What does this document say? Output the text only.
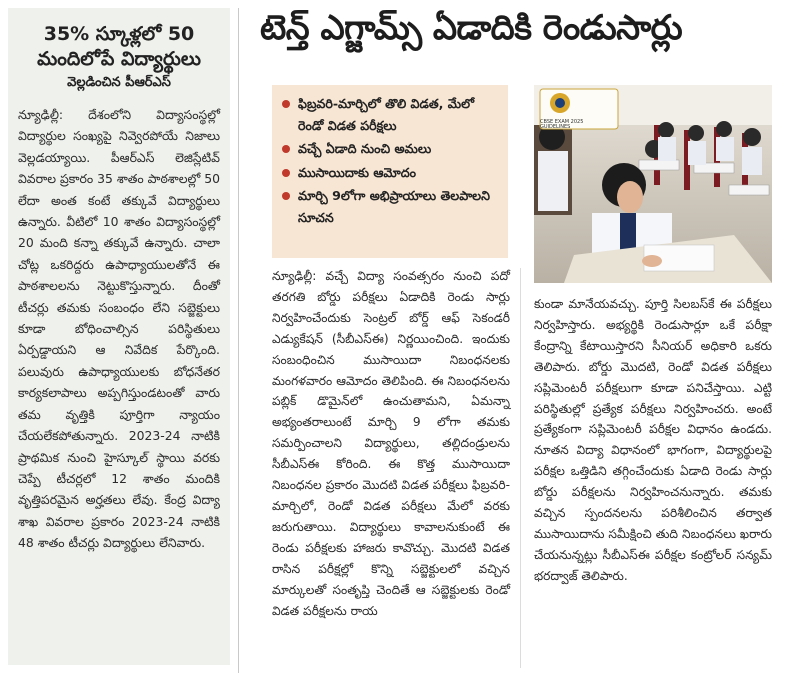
35% స్కూళ్లలో 50 మందిలోపే విద్యార్థులు
వెల్లడించిన పీఆర్ఎస్

న్యూఢిల్లీ: దేశంలోని విద్యాసంస్థల్లో విద్యార్థుల సంఖ్యపై నివ్వెరపోయే నిజాలు వెల్లడయ్యాయి. పీఆర్ఎస్ లెజిస్లేటివ్ వివరాల ప్రకారం 35 శాతం పాఠశాలల్లో 50 లేదా అంత కంటే తక్కువే విద్యార్థులు ఉన్నారు. వీటిలో 10 శాతం విద్యాసంస్థల్లో 20 మంది కన్నా తక్కువే ఉన్నారు. చాలా చోట్ల ఒకరిద్దరు ఉపాధ్యాయులతోనే ఈ పాఠశాలలను నెట్టుకొస్తున్నారు. దీంతో టీచర్లు తమకు సంబంధం లేని సబ్జెక్టులు కూడా బోధించాల్సిన పరిస్థితులు ఏర్పడ్డాయని ఆ నివేదిక పేర్కొంది. పలువురు ఉపాధ్యాయులకు బోధనేతర కార్యకలాపాలు అప్పగిస్తుండటంతో వారు తమ వృత్తికి పూర్తిగా న్యాయం చేయలేకపోతున్నారు. 2023-24 నాటికి ప్రాథమిక నుంచి హైస్కూల్ స్థాయి వరకు చెప్పే టీచర్లలో 12 శాతం మందికి వృత్తిపరమైన అర్హతలు లేవు. కేంద్ర విద్యా శాఖ వివరాల ప్రకారం 2023-24 నాటికి 48 శాతం టీచర్లు విద్యార్థులు లేనివారు.

టెన్త్ ఎగ్జామ్స్ ఏడాదికి రెండుసార్లు
ఫిబ్రవరి-మార్చిలో తొలి విడత, మేలో రెండో విడత పరీక్షలు
వచ్చే ఏడాది నుంచి అమలు
ముసాయిదాకు ఆమోదం
మార్చి 9లోగా అభిప్రాయాలు తెలపాలని సూచన
CBSE EXAM 2025
GUIDELINES

న్యూఢిల్లీ: వచ్చే విద్యా సంవత్సరం నుంచి పదో తరగతి బోర్డు పరీక్షలు ఏడాదికి రెండు సార్లు నిర్వహించేందుకు సెంట్రల్ బోర్డ్ ఆఫ్ సెకండరీ ఎడ్యుకేషన్ (సీబీఎస్ఈ) నిర్ణయించింది. ఇందుకు సంబంధించిన ముసాయిదా నిబంధనలకు మంగళవారం ఆమోదం తెలిపింది. ఈ నిబంధనలను పబ్లిక్ డొమైన్‌లో ఉంచుతామని, ఏమన్నా అభ్యంతరాలుంటే మార్చి 9 లోగా తమకు సమర్పించాలని విద్యార్థులు, తల్లిదండ్రులను సీబీఎస్ఈ కోరింది. ఈ కొత్త ముసాయిదా నిబంధనల ప్రకారం మొదటి విడత పరీక్షలు ఫిబ్రవరి-మార్చిలో, రెండో విడత పరీక్షలు మేలో వరకు జరుగుతాయి. విద్యార్థులు కావాలనుకుంటే ఈ రెండు పరీక్షలకు హాజరు కావొచ్చు. మొదటి విడత రాసిన పరీక్షల్లో కొన్ని సబ్జెక్టులలో వచ్చిన మార్కులతో సంతృప్తి చెందితే ఆ సబ్జెక్టులకు రెండో విడత పరీక్షలను రాయ

కుండా మానేయవచ్చు. పూర్తి సిలబస్‌కే ఈ పరీక్షలు నిర్వహిస్తారు. అభ్యర్థికి రెండుసార్లూ ఒకే పరీక్షా కేంద్రాన్ని కేటాయిస్తారని సీనియర్ అధికారి ఒకరు తెలిపారు. బోర్డు మొదటి, రెండో విడత పరీక్షలు సప్లిమెంటరీ పరీక్షలుగా కూడా పనిచేస్తాయి. ఎట్టి పరిస్థితుల్లో ప్రత్యేక పరీక్షలు నిర్వహించరు. అంటే ప్రత్యేకంగా సప్లిమెంటరీ పరీక్షల విధానం ఉండదు. నూతన విద్యా విధానంలో భాగంగా, విద్యార్థులపై పరీక్షల ఒత్తిడిని తగ్గించేందుకు ఏడాది రెండు సార్లు బోర్డు పరీక్షలను నిర్వహించనున్నారు. తమకు వచ్చిన స్పందనలను పరిశీలించిన తర్వాత ముసాయిదాను సమీక్షించి తుది నిబంధనలు ఖరారు చేయనున్నట్లు సీబీఎస్ఈ పరీక్షల కంట్రోలర్ సన్యమ్ భరద్వాజ్ తెలిపారు.
